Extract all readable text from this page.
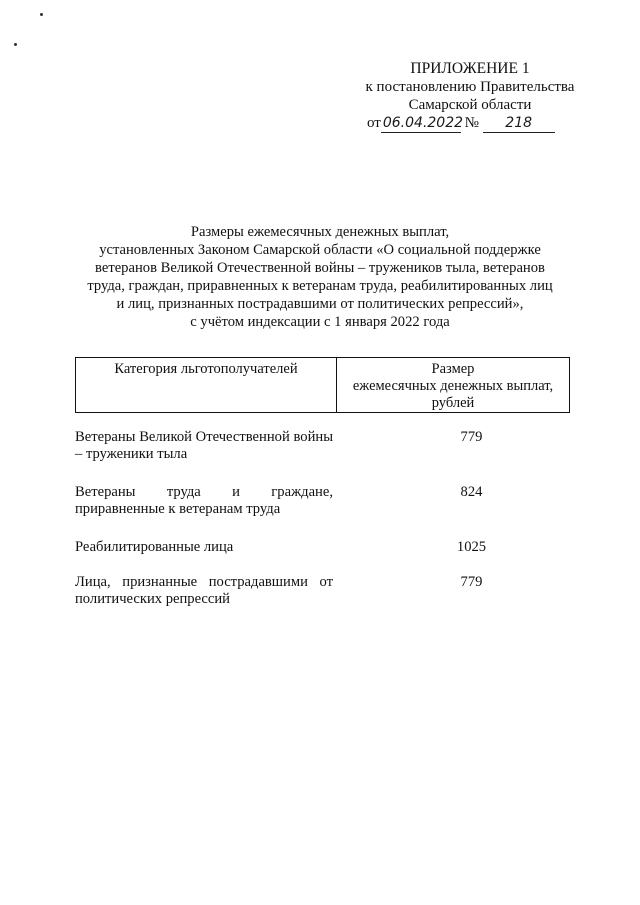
ПРИЛОЖЕНИЕ 1
к постановлению Правительства
Самарской области
от 06.04.2022 № 218
Размеры ежемесячных денежных выплат,
установленных Законом Самарской области «О социальной поддержке
ветеранов Великой Отечественной войны – тружеников тыла, ветеранов
труда, граждан, приравненных к ветеранам труда, реабилитированных лиц
и лиц, признанных пострадавшими от политических репрессий»,
с учётом индексации с 1 января 2022 года
Категория льготополучателей	Размер
ежемесячных денежных выплат,
рублей
Ветераны Великой Отечественной войны – труженики тыла
779
Ветераны труда и граждане, приравненные к ветеранам труда
824
Реабилитированные лица	1025
Лица, признанные пострадавшими от политических репрессий
779
